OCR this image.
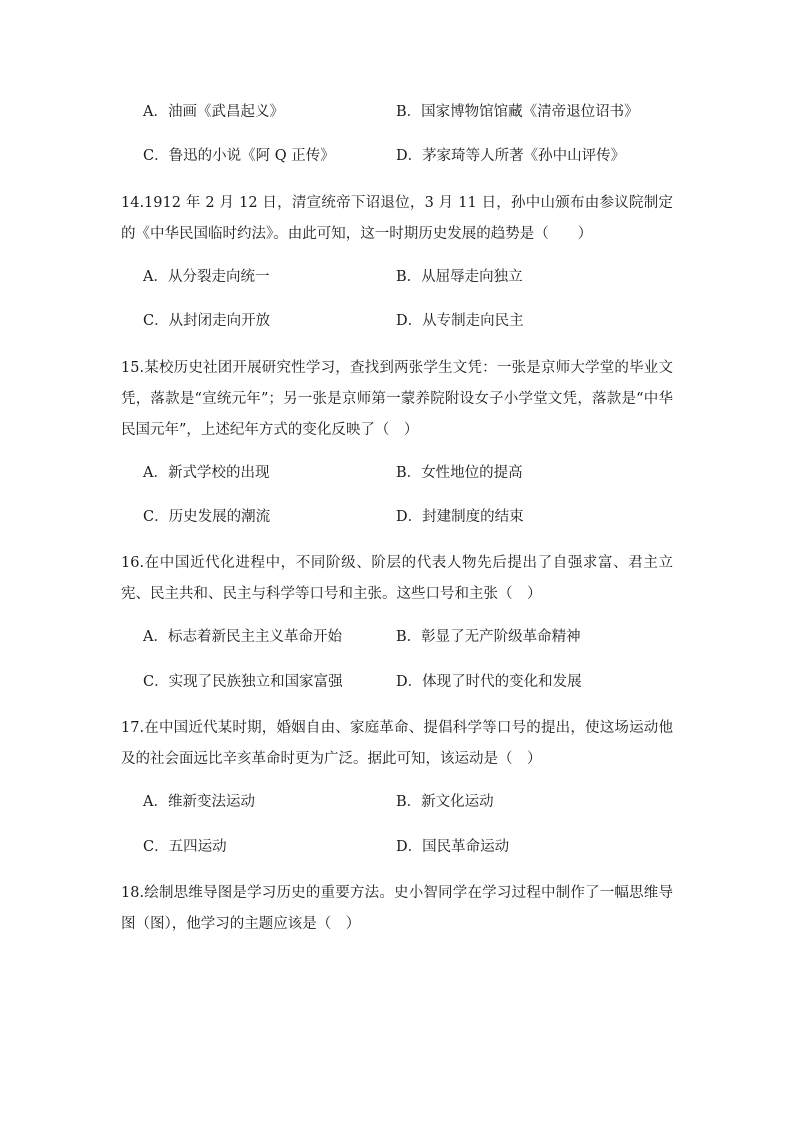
A．油画《武昌起义》	B．国家博物馆馆藏《清帝退位诏书》
C．鲁迅的小说《阿 Q 正传》	D．茅家琦等人所著《孙中山评传》
14.1912 年 2 月 12 日，清宣统帝下诏退位，3 月 11 日，孙中山颁布由参议院制定的《中华民国临时约法》。由此可知，这一时期历史发展的趋势是（　　）
A．从分裂走向统一	B．从屈辱走向独立
C．从封闭走向开放	D．从专制走向民主
15.某校历史社团开展研究性学习，查找到两张学生文凭：一张是京师大学堂的毕业文凭，落款是“宣统元年”；另一张是京师第一蒙养院附设女子小学堂文凭，落款是“中华民国元年”，上述纪年方式的变化反映了（　）
A．新式学校的出现	B．女性地位的提高
C．历史发展的潮流	D．封建制度的结束
16.在中国近代化进程中，不同阶级、阶层的代表人物先后提出了自强求富、君主立宪、民主共和、民主与科学等口号和主张。这些口号和主张（　）
A．标志着新民主主义革命开始	B．彰显了无产阶级革命精神
C．实现了民族独立和国家富强	D．体现了时代的变化和发展
17.在中国近代某时期，婚姻自由、家庭革命、提倡科学等口号的提出，使这场运动他及的社会面远比辛亥革命时更为广泛。据此可知，该运动是（　）
A．维新变法运动	B．新文化运动
C．五四运动	D．国民革命运动
18.绘制思维导图是学习历史的重要方法。史小智同学在学习过程中制作了一幅思维导图（图），他学习的主题应该是（　）
